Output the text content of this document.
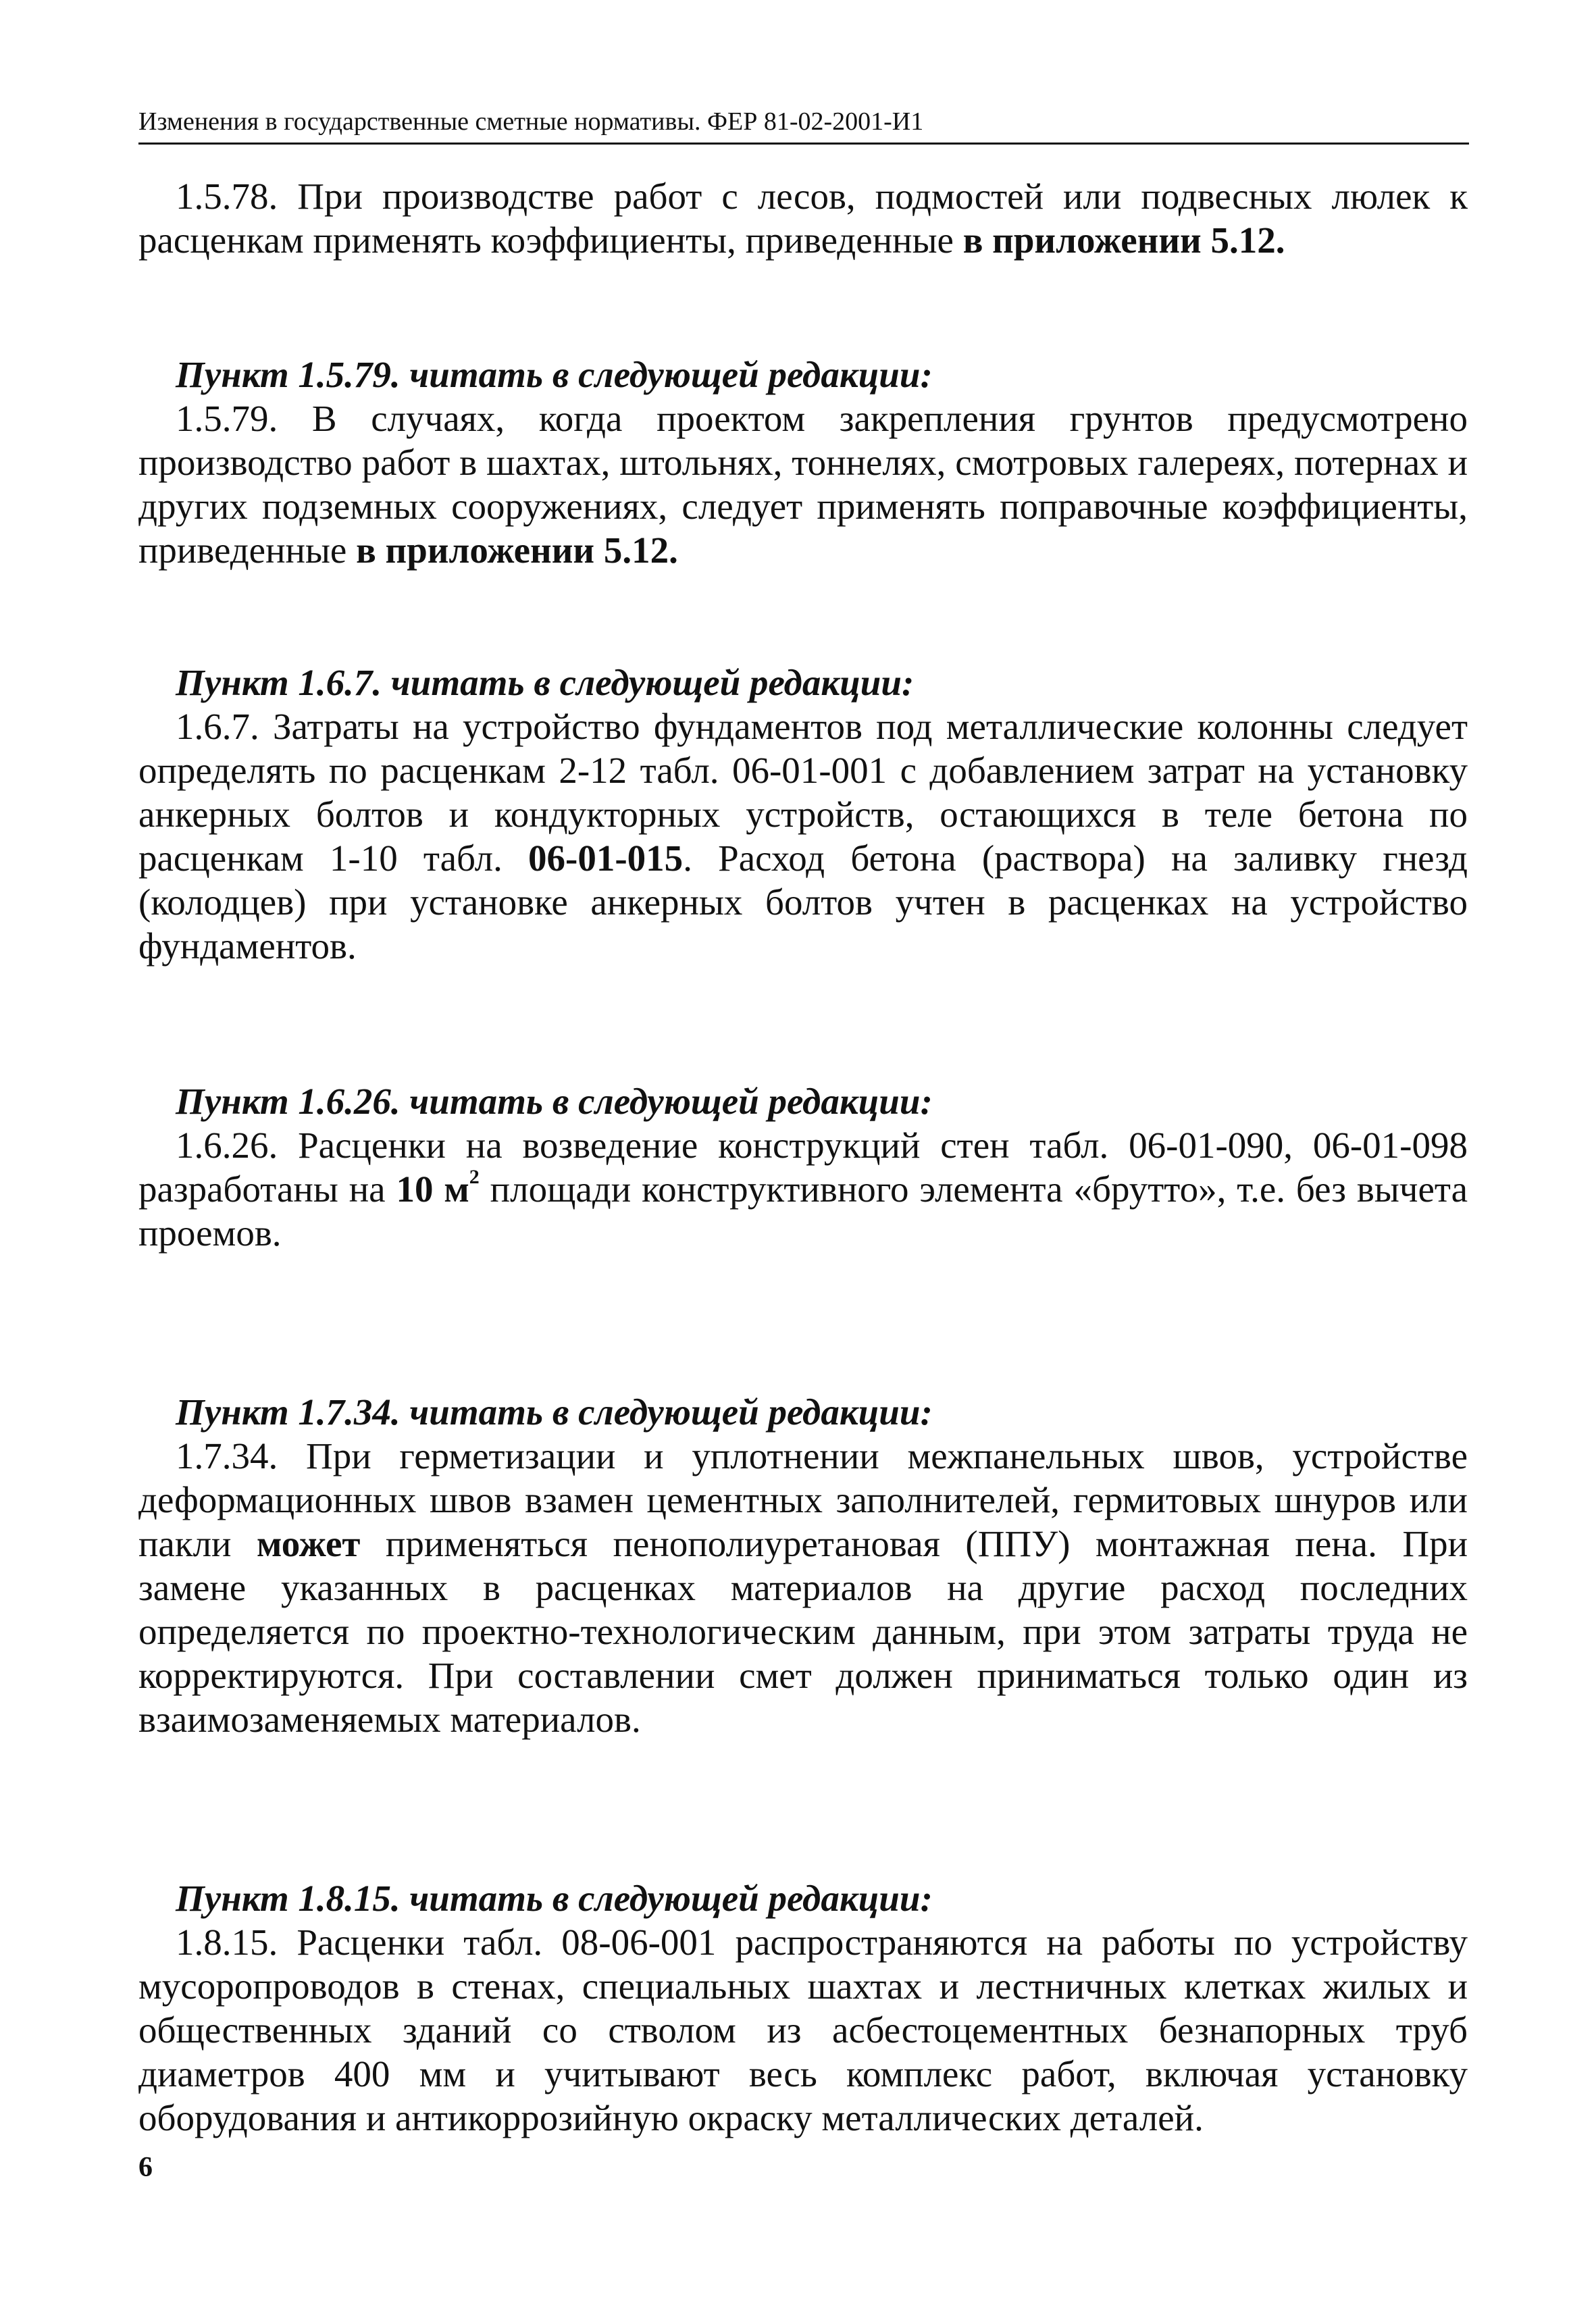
Изменения в государственные сметные нормативы. ФЕР 81-02-2001-И1

1.5.78. При производстве работ с лесов, подмостей или подвесных люлек к расценкам применять коэффициенты, приведенные в приложении 5.12.

Пункт 1.5.79. читать в следующей редакции:

1.5.79. В случаях, когда проектом закрепления грунтов предусмотрено производство работ в шахтах, штольнях, тоннелях, смотровых галереях, потернах и других подземных сооружениях, следует применять поправочные коэффициенты, приведенные в приложении 5.12.

Пункт 1.6.7. читать в следующей редакции:

1.6.7. Затраты на устройство фундаментов под металлические колонны следует определять по расценкам 2-12 табл. 06-01-001 с добавлением затрат на установку анкерных болтов и кондукторных устройств, остающихся в теле бетона по расценкам 1-10 табл. 06-01-015. Расход бетона (раствора) на заливку гнезд (колодцев) при установке анкерных болтов учтен в расценках на устройство фундаментов.

Пункт 1.6.26. читать в следующей редакции:

1.6.26. Расценки на возведение конструкций стен табл. 06-01-090, 06-01-098 разработаны на 10 $м^2$ площади конструктивного элемента «брутто», т.е. без вычета проемов.

Пункт 1.7.34. читать в следующей редакции:

1.7.34. При герметизации и уплотнении межпанельных швов, устройстве деформационных швов взамен цементных заполнителей, гермитовых шнуров или пакли может применяться пенополиуретановая (ППУ) монтажная пена. При замене указанных в расценках материалов на другие расход последних определяется по проектно-технологическим данным, при этом затраты труда не корректируются. При составлении смет должен приниматься только один из взаимозаменяемых материалов.

Пункт 1.8.15. читать в следующей редакции:

1.8.15. Расценки табл. 08-06-001 распространяются на работы по устройству мусоропроводов в стенах, специальных шахтах и лестничных клетках жилых и общественных зданий со стволом из асбестоцементных безнапорных труб диаметров 400 мм и учитывают весь комплекс работ, включая установку оборудования и антикоррозийную окраску металлических деталей.

6
